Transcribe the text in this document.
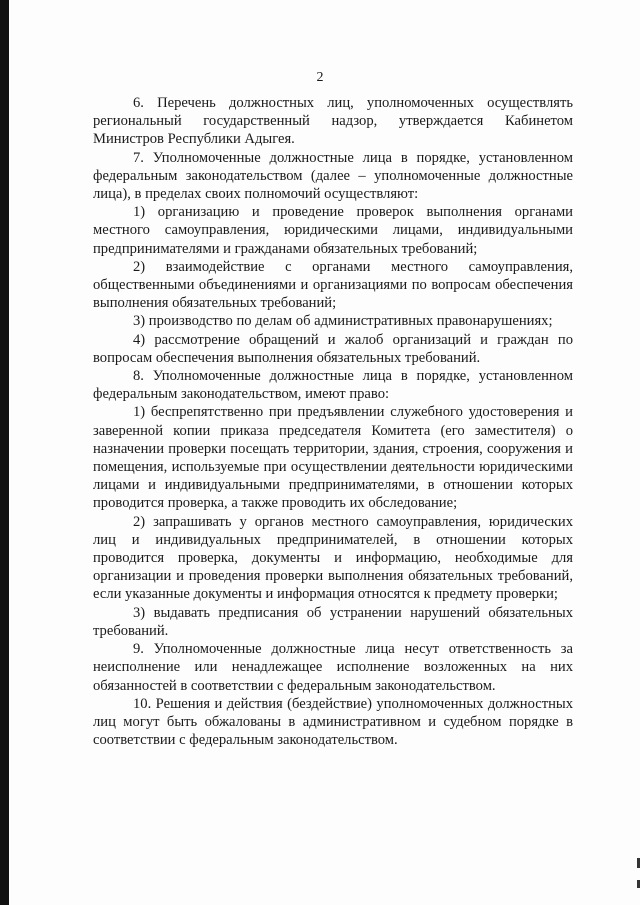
2

6. Перечень должностных лиц, уполномоченных осуществлять региональный государственный надзор, утверждается Кабинетом Министров Республики Адыгея.

7. Уполномоченные должностные лица в порядке, установленном федеральным законодательством (далее – уполномоченные должностные лица), в пределах своих полномочий осуществляют:

1) организацию и проведение проверок выполнения органами местного самоуправления, юридическими лицами, индивидуальными предпринимателями и гражданами обязательных требований;

2) взаимодействие с органами местного самоуправления, общественными объединениями и организациями по вопросам обеспечения выполнения обязательных требований;

3) производство по делам об административных правонарушениях;

4) рассмотрение обращений и жалоб организаций и граждан по вопросам обеспечения выполнения обязательных требований.

8. Уполномоченные должностные лица в порядке, установленном федеральным законодательством, имеют право:

1) беспрепятственно при предъявлении служебного удостоверения и заверенной копии приказа председателя Комитета (его заместителя) о назначении проверки посещать территории, здания, строения, сооружения и помещения, используемые при осуществлении деятельности юридическими лицами и индивидуальными предпринимателями, в отношении которых проводится проверка, а также проводить их обследование;

2) запрашивать у органов местного самоуправления, юридических лиц и индивидуальных предпринимателей, в отношении которых проводится проверка, документы и информацию, необходимые для организации и проведения проверки выполнения обязательных требований, если указанные документы и информация относятся к предмету проверки;

3) выдавать предписания об устранении нарушений обязательных требований.

9. Уполномоченные должностные лица несут ответственность за неисполнение или ненадлежащее исполнение возложенных на них обязанностей в соответствии с федеральным законодательством.

10. Решения и действия (бездействие) уполномоченных должностных лиц могут быть обжалованы в административном и судебном порядке в соответствии с федеральным законодательством.
